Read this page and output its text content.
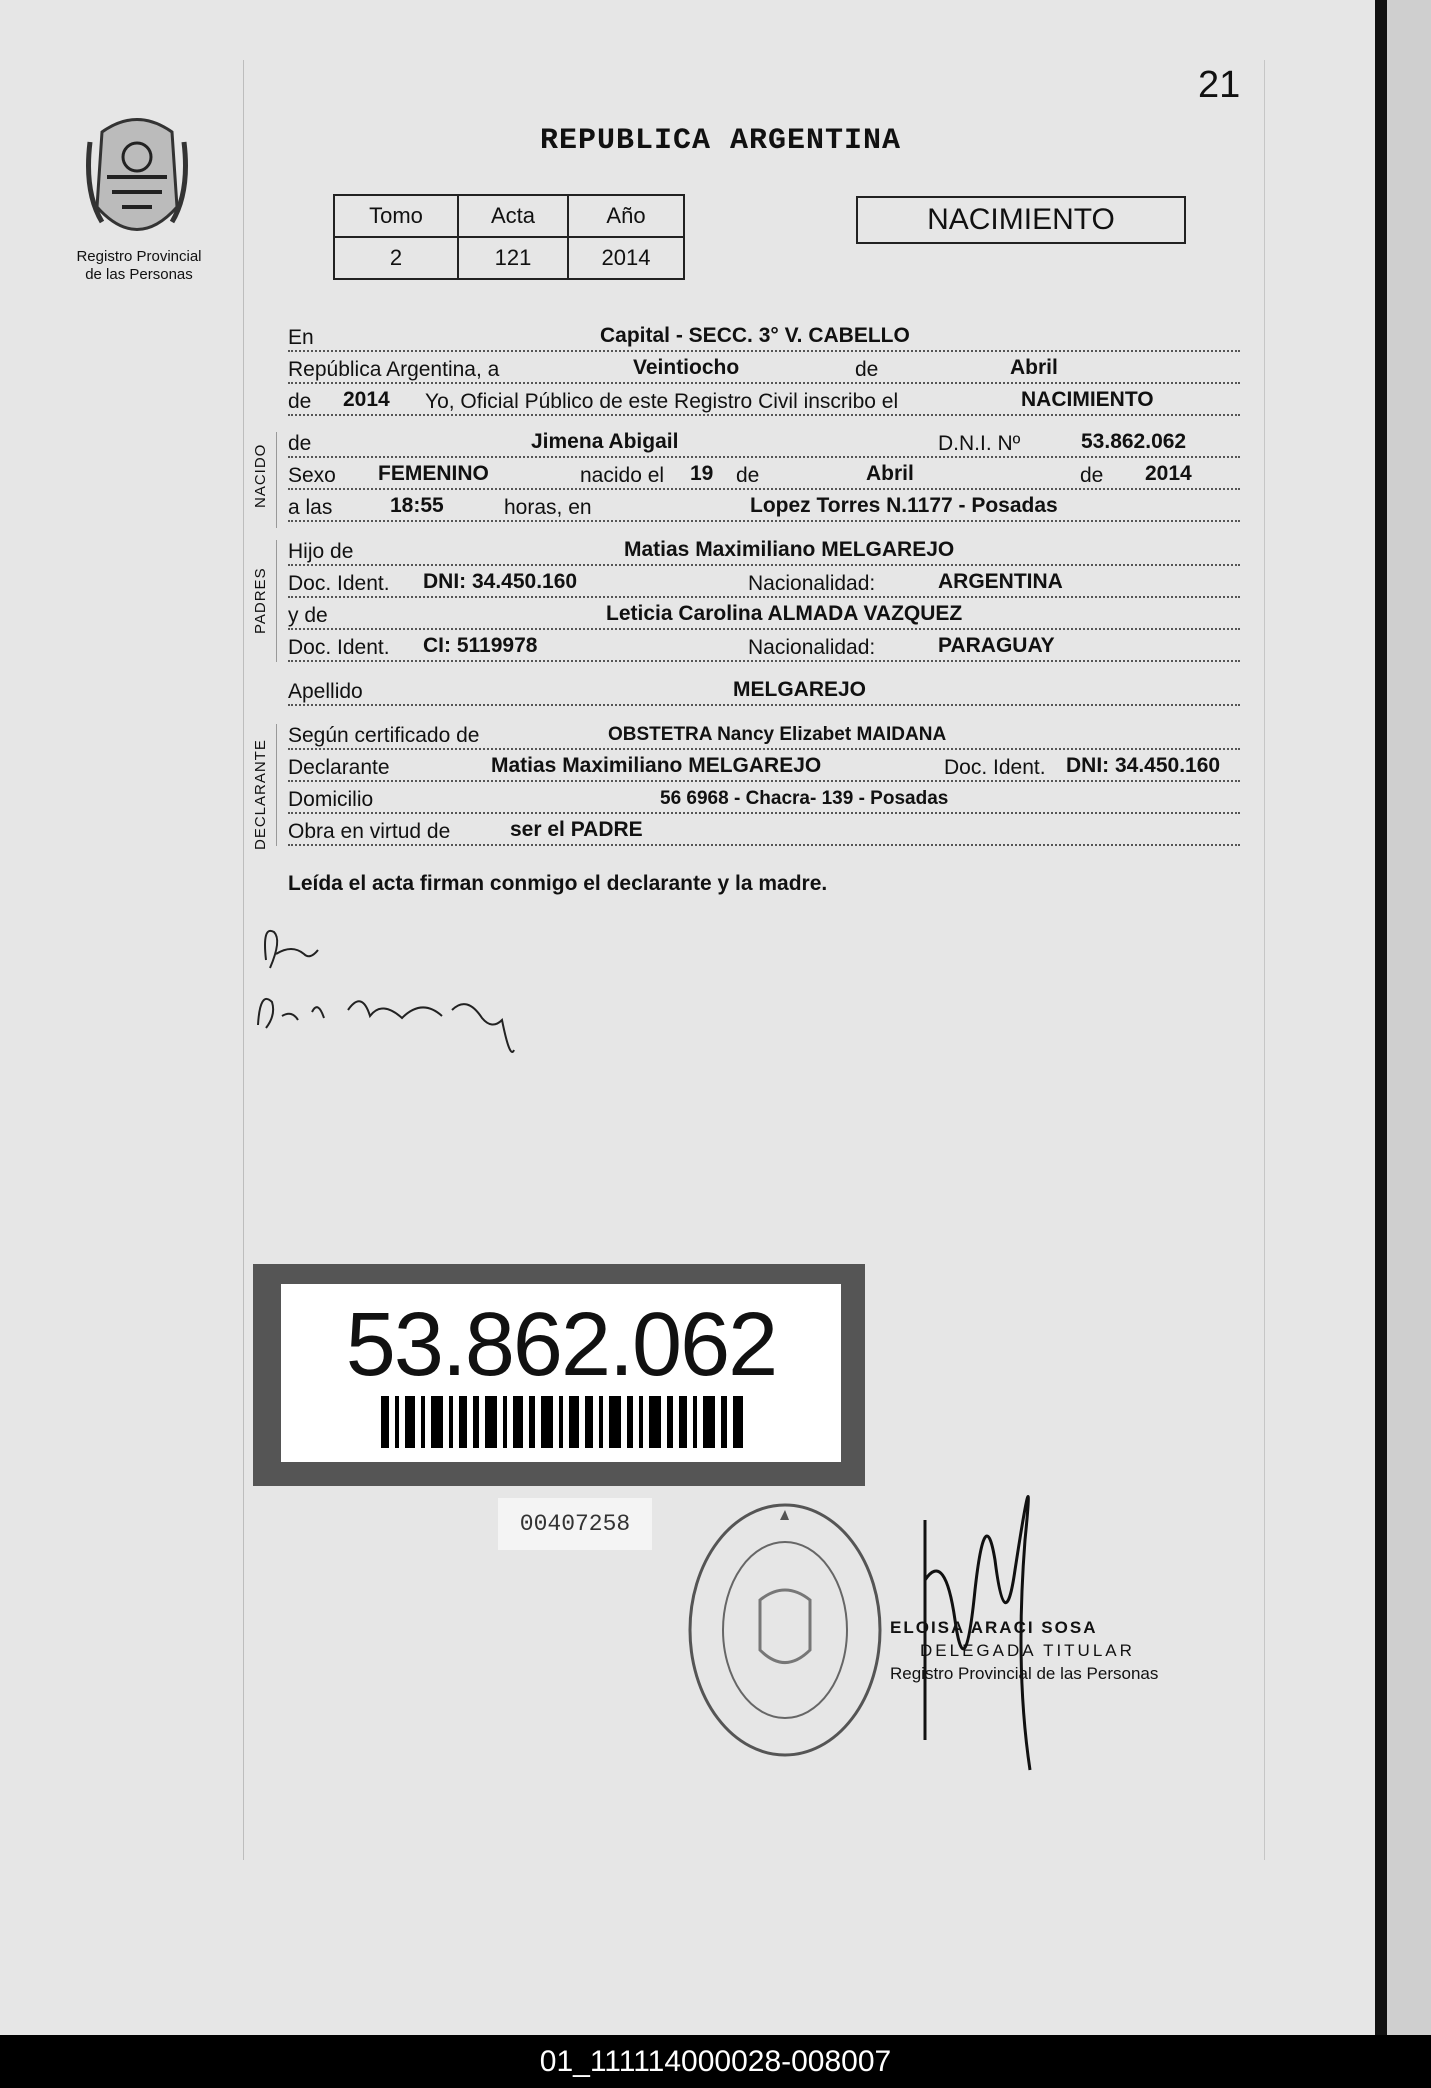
21
REPUBLICA ARGENTINA
Registro Provincial
de las Personas
Tomo	Acta	Año
2	121	2014
NACIMIENTO
En	Capital - SECC. 3° V. CABELLO
República Argentina, a	Veintiocho	de	Abril
de 2014 Yo, Oficial Público de este Registro Civil inscribo el	NACIMIENTO
NACIDO
de	Jimena Abigail	D.N.I. Nº	53.862.062
Sexo FEMENINO	nacido el 19 de	Abril	de 2014
a las	18:55	horas, en	Lopez Torres N.1177 - Posadas
PADRES
Hijo de	Matias Maximiliano MELGAREJO
Doc. Ident. DNI: 34.450.160	Nacionalidad:	ARGENTINA
y de	Leticia Carolina ALMADA VAZQUEZ
Doc. Ident. CI: 5119978	Nacionalidad:	PARAGUAY
Apellido	MELGAREJO
DECLARANTE
Según certificado de	OBSTETRA Nancy Elizabet MAIDANA
Declarante	Matias Maximiliano MELGAREJO	Doc. Ident. DNI: 34.450.160
Domicilio	56 6968 - Chacra- 139 - Posadas
Obra en virtud de	ser el PADRE
Leída el acta firman conmigo el declarante y la madre.
53.862.062
00407258
ELOISA ARACI SOSA
DELEGADA TITULAR
Registro Provincial de las Personas
01_111114000028-008007
